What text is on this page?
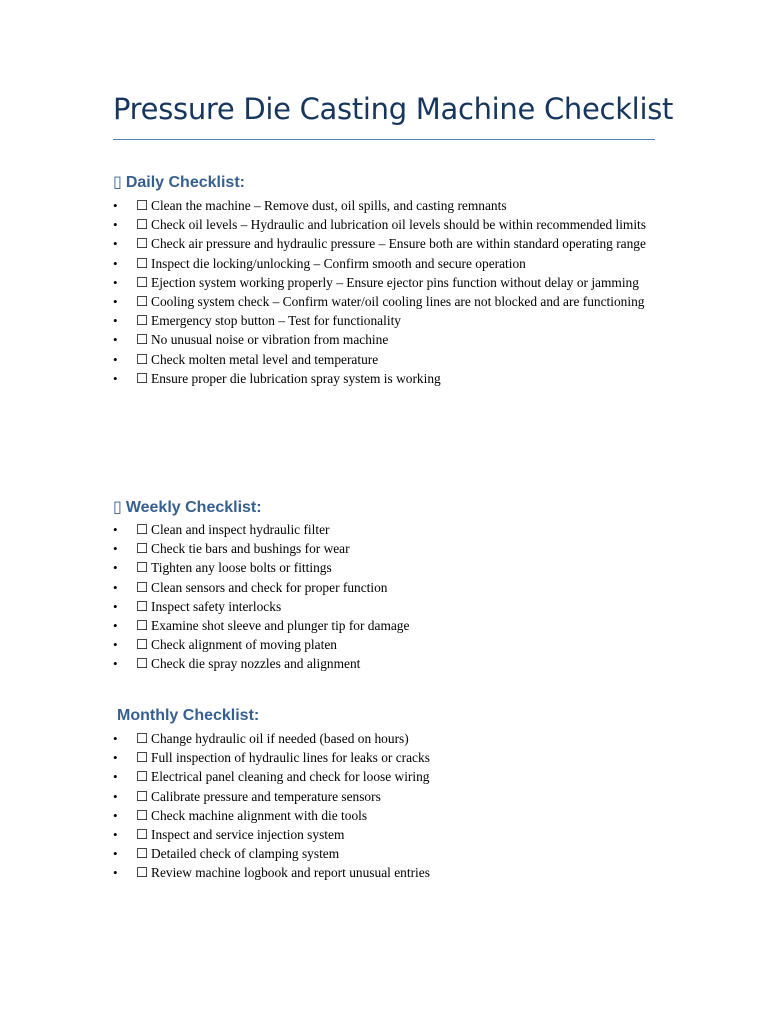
Pressure Die Casting Machine Checklist
▯ Daily Checklist:
• ☐ Clean the machine – Remove dust, oil spills, and casting remnants
• ☐ Check oil levels – Hydraulic and lubrication oil levels should be within recommended limits
• ☐ Check air pressure and hydraulic pressure – Ensure both are within standard operating range
• ☐ Inspect die locking/unlocking – Confirm smooth and secure operation
• ☐ Ejection system working properly – Ensure ejector pins function without delay or jamming
• ☐ Cooling system check – Confirm water/oil cooling lines are not blocked and are functioning
• ☐ Emergency stop button – Test for functionality
• ☐ No unusual noise or vibration from machine
• ☐ Check molten metal level and temperature
• ☐ Ensure proper die lubrication spray system is working
▯ Weekly Checklist:
• ☐ Clean and inspect hydraulic filter
• ☐ Check tie bars and bushings for wear
• ☐ Tighten any loose bolts or fittings
• ☐ Clean sensors and check for proper function
• ☐ Inspect safety interlocks
• ☐ Examine shot sleeve and plunger tip for damage
• ☐ Check alignment of moving platen
• ☐ Check die spray nozzles and alignment
Monthly Checklist:
• ☐ Change hydraulic oil if needed (based on hours)
• ☐ Full inspection of hydraulic lines for leaks or cracks
• ☐ Electrical panel cleaning and check for loose wiring
• ☐ Calibrate pressure and temperature sensors
• ☐ Check machine alignment with die tools
• ☐ Inspect and service injection system
• ☐ Detailed check of clamping system
• ☐ Review machine logbook and report unusual entries
